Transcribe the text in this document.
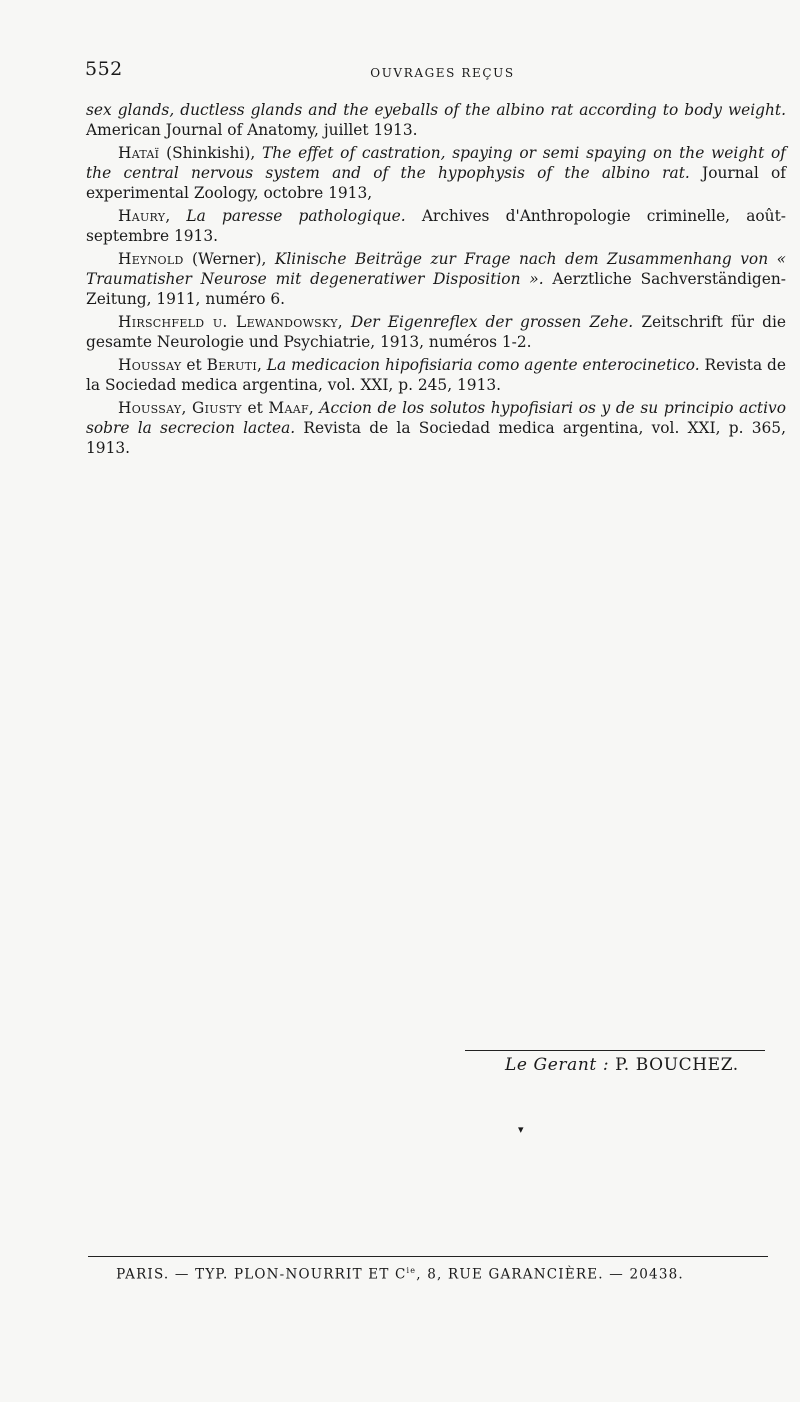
552	OUVRAGES REÇUS

sex glands, ductless glands and the eyeballs of the albino rat according to body weight. American Journal of Anatomy, juillet 1913.

Hataï (Shinkishi), The effet of castration, spaying or semi spaying on the weight of the central nervous system and of the hypophysis of the albino rat. Journal of experimental Zoology, octobre 1913,

Haury, La paresse pathologique. Archives d'Anthropologie criminelle, août-septembre 1913.

Heynold (Werner), Klinische Beiträge zur Frage nach dem Zusammenhang von « Traumatisher Neurose mit degeneratiwer Disposition ». Aerztliche Sachverständigen-Zeitung, 1911, numéro 6.

Hirschfeld u. Lewandowsky, Der Eigenreflex der grossen Zehe. Zeitschrift für die gesamte Neurologie und Psychiatrie, 1913, numéros 1-2.

Houssay et Beruti, La medicacion hipofisiaria como agente enterocinetico. Revista de la Sociedad medica argentina, vol. XXI, p. 245, 1913.

Houssay, Giusty et Maaf, Accion de los solutos hypofisiari os y de su principio activo sobre la secrecion lactea. Revista de la Sociedad medica argentina, vol. XXI, p. 365, 1913.

Le Gerant : P. BOUCHEZ.
▾
PARIS. — TYP. PLON-NOURRIT ET $C^{ie}$, 8, RUE GARANCIÈRE. — 20438.
